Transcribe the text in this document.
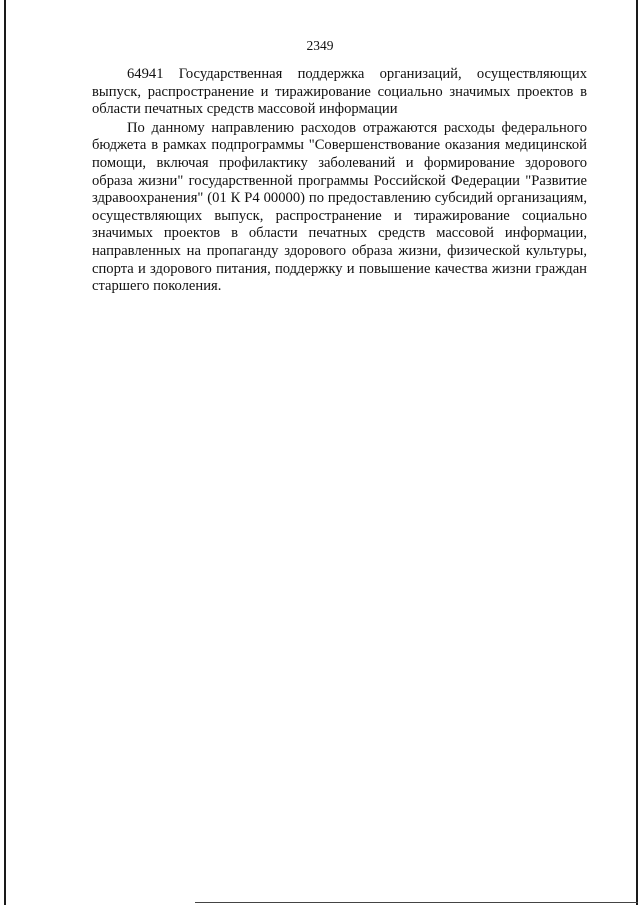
2349

64941 Государственная поддержка организаций, осуществляющих выпуск, распространение и тиражирование социально значимых проектов в области печатных средств массовой информации

По данному направлению расходов отражаются расходы федерального бюджета в рамках подпрограммы "Совершенствование оказания медицинской помощи, включая профилактику заболеваний и формирование здорового образа жизни" государственной программы Российской Федерации "Развитие здравоохранения" (01 К Р4 00000) по предоставлению субсидий организациям, осуществляющих выпуск, распространение и тиражирование социально значимых проектов в области печатных средств массовой информации, направленных на пропаганду здорового образа жизни, физической культуры, спорта и здорового питания, поддержку и повышение качества жизни граждан старшего поколения.
